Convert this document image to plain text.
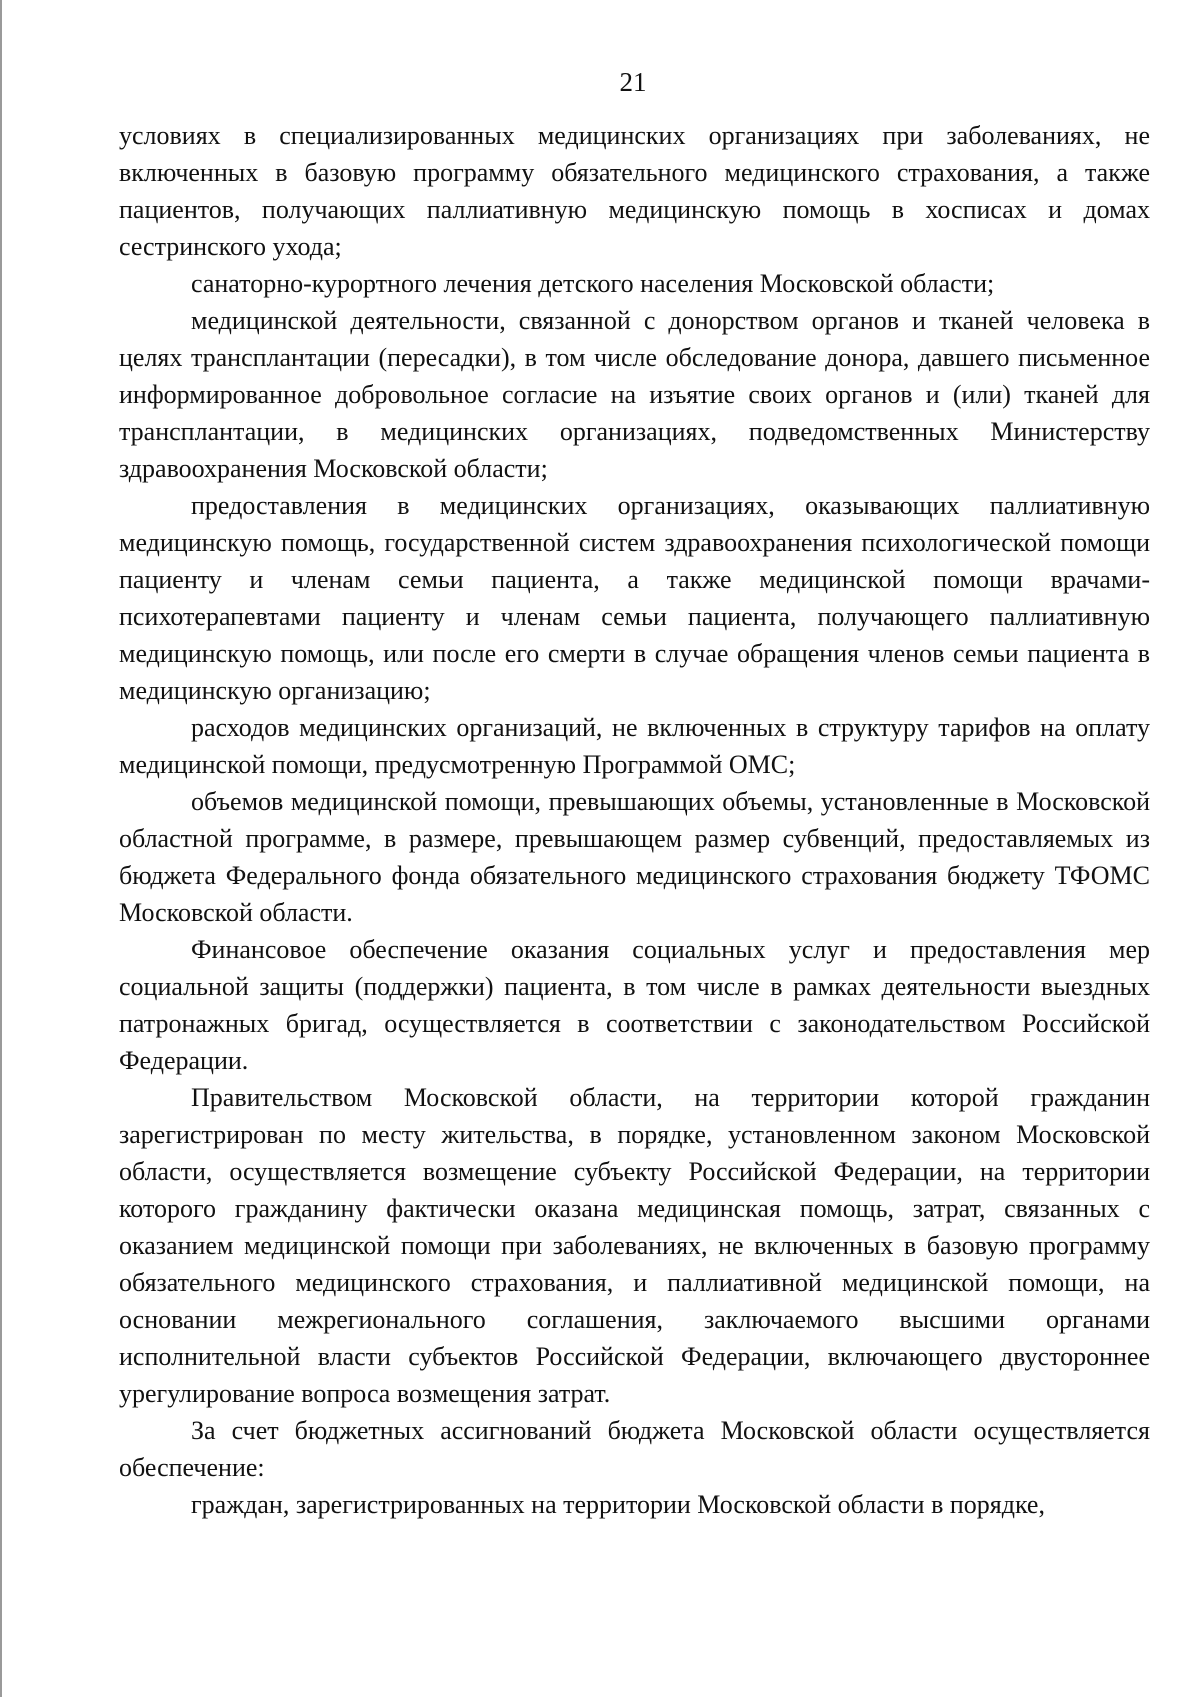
21

условиях в специализированных медицинских организациях при заболеваниях, не включенных в базовую программу обязательного медицинского страхования, а также пациентов, получающих паллиативную медицинскую помощь в хосписах и домах сестринского ухода;

санаторно-курортного лечения детского населения Московской области;

медицинской деятельности, связанной с донорством органов и тканей человека в целях трансплантации (пересадки), в том числе обследование донора, давшего письменное информированное добровольное согласие на изъятие своих органов и (или) тканей для трансплантации, в медицинских организациях, подведомственных Министерству здравоохранения Московской области;

предоставления в медицинских организациях, оказывающих паллиативную медицинскую помощь, государственной систем здравоохранения психологической помощи пациенту и членам семьи пациента, а также медицинской помощи врачами-психотерапевтами пациенту и членам семьи пациента, получающего паллиативную медицинскую помощь, или после его смерти в случае обращения членов семьи пациента в медицинскую организацию;

расходов медицинских организаций, не включенных в структуру тарифов на оплату медицинской помощи, предусмотренную Программой ОМС;

объемов медицинской помощи, превышающих объемы, установленные в Московской областной программе, в размере, превышающем размер субвенций, предоставляемых из бюджета Федерального фонда обязательного медицинского страхования бюджету ТФОМС Московской области.

Финансовое обеспечение оказания социальных услуг и предоставления мер социальной защиты (поддержки) пациента, в том числе в рамках деятельности выездных патронажных бригад, осуществляется в соответствии с законодательством Российской Федерации.

Правительством Московской области, на территории которой гражданин зарегистрирован по месту жительства, в порядке, установленном законом Московской области, осуществляется возмещение субъекту Российской Федерации, на территории которого гражданину фактически оказана медицинская помощь, затрат, связанных с оказанием медицинской помощи при заболеваниях, не включенных в базовую программу обязательного медицинского страхования, и паллиативной медицинской помощи, на основании межрегионального соглашения, заключаемого высшими органами исполнительной власти субъектов Российской Федерации, включающего двустороннее урегулирование вопроса возмещения затрат.

За счет бюджетных ассигнований бюджета Московской области осуществляется обеспечение:

граждан, зарегистрированных на территории Московской области в порядке,
